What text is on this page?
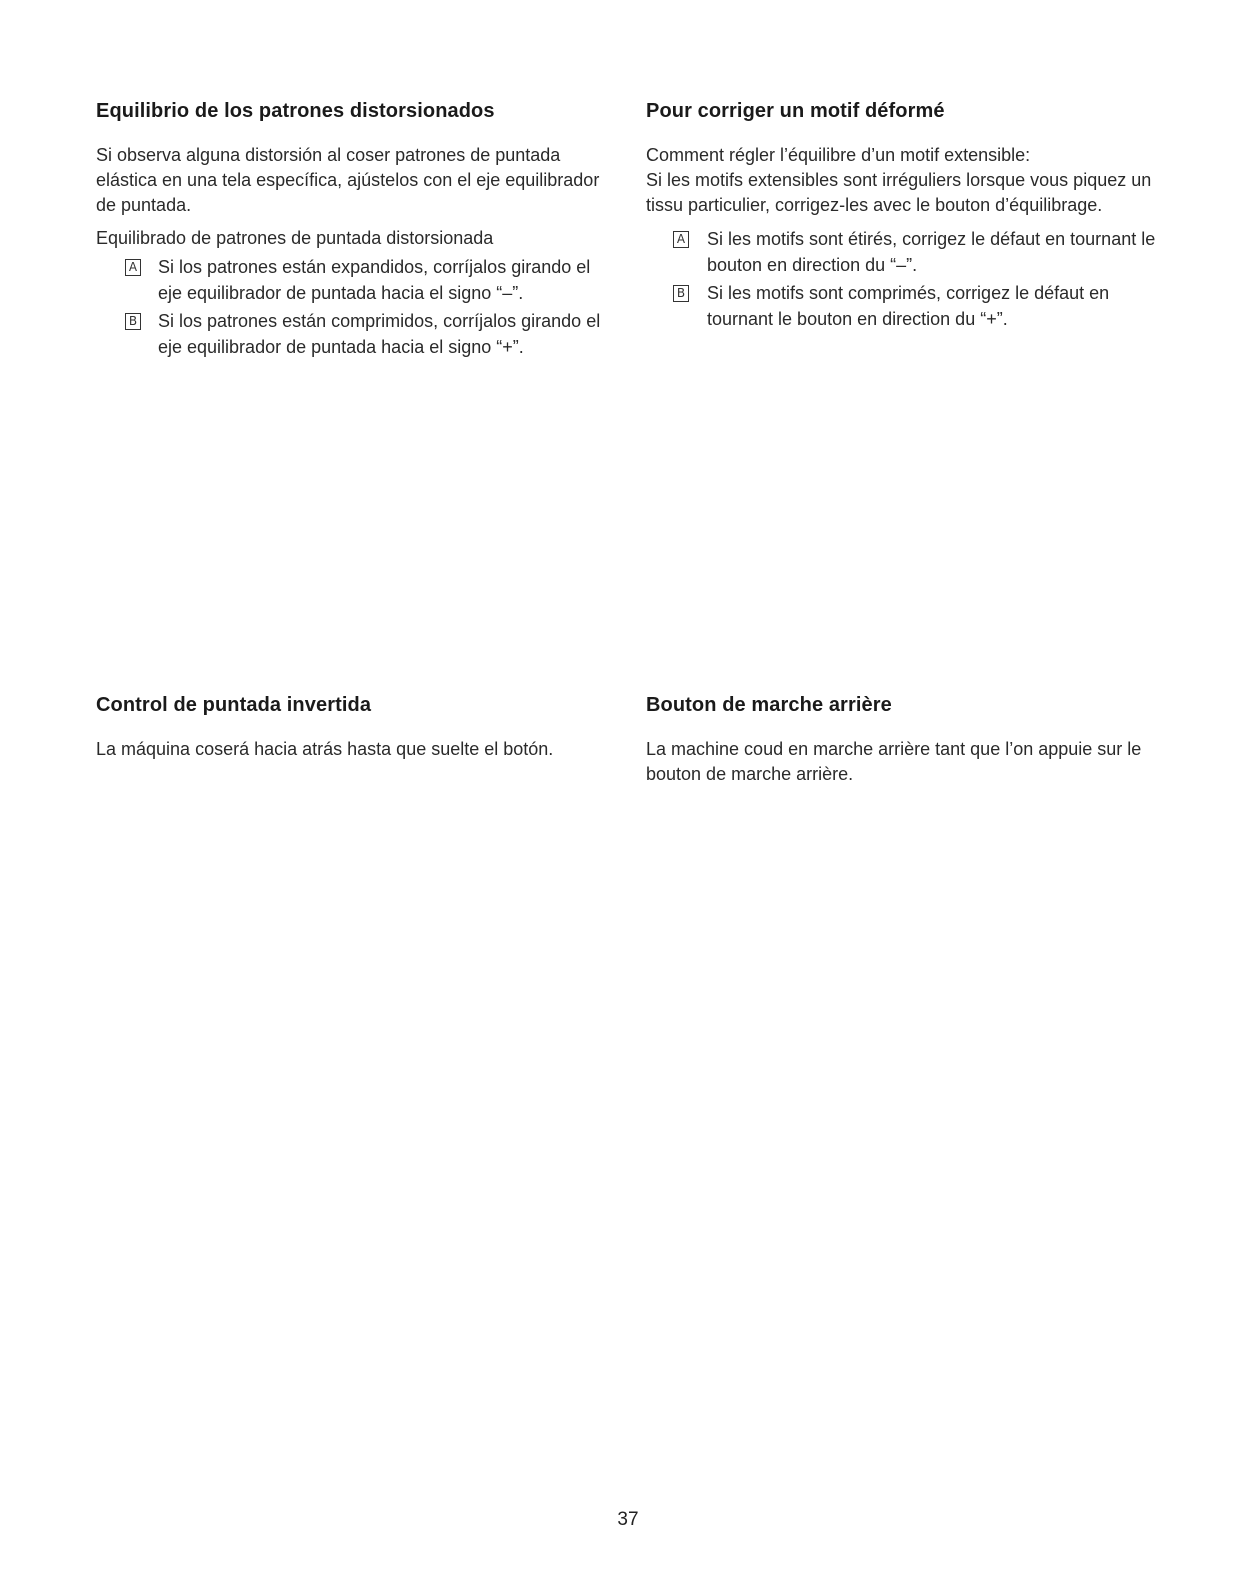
Equilibrio de los patrones distorsionados

Si observa alguna distorsión al coser patrones de puntada elástica en una tela específica, ajústelos con el eje equilibrador de puntada.

Equilibrado de patrones de puntada distorsionada

A Si los patrones están expandidos, corríjalos girando el eje equilibrador de puntada hacia el signo “–”.
B Si los patrones están comprimidos, corríjalos girando el eje equilibrador de puntada hacia el signo “+”.
Pour corriger un motif déformé

Comment régler l’équilibre d’un motif extensible:

Si les motifs extensibles sont irréguliers lorsque vous piquez un tissu particulier, corrigez-les avec le bouton d’équilibrage.

A Si les motifs sont étirés, corrigez le défaut en tournant le bouton en direction du “–”.
B Si les motifs sont comprimés, corrigez le défaut en tournant le bouton en direction du “+”.
Control de puntada invertida

La máquina coserá hacia atrás hasta que suelte el botón.

Bouton de marche arrière

La machine coud en marche arrière tant que l’on appuie sur le bouton de marche arrière.

37
